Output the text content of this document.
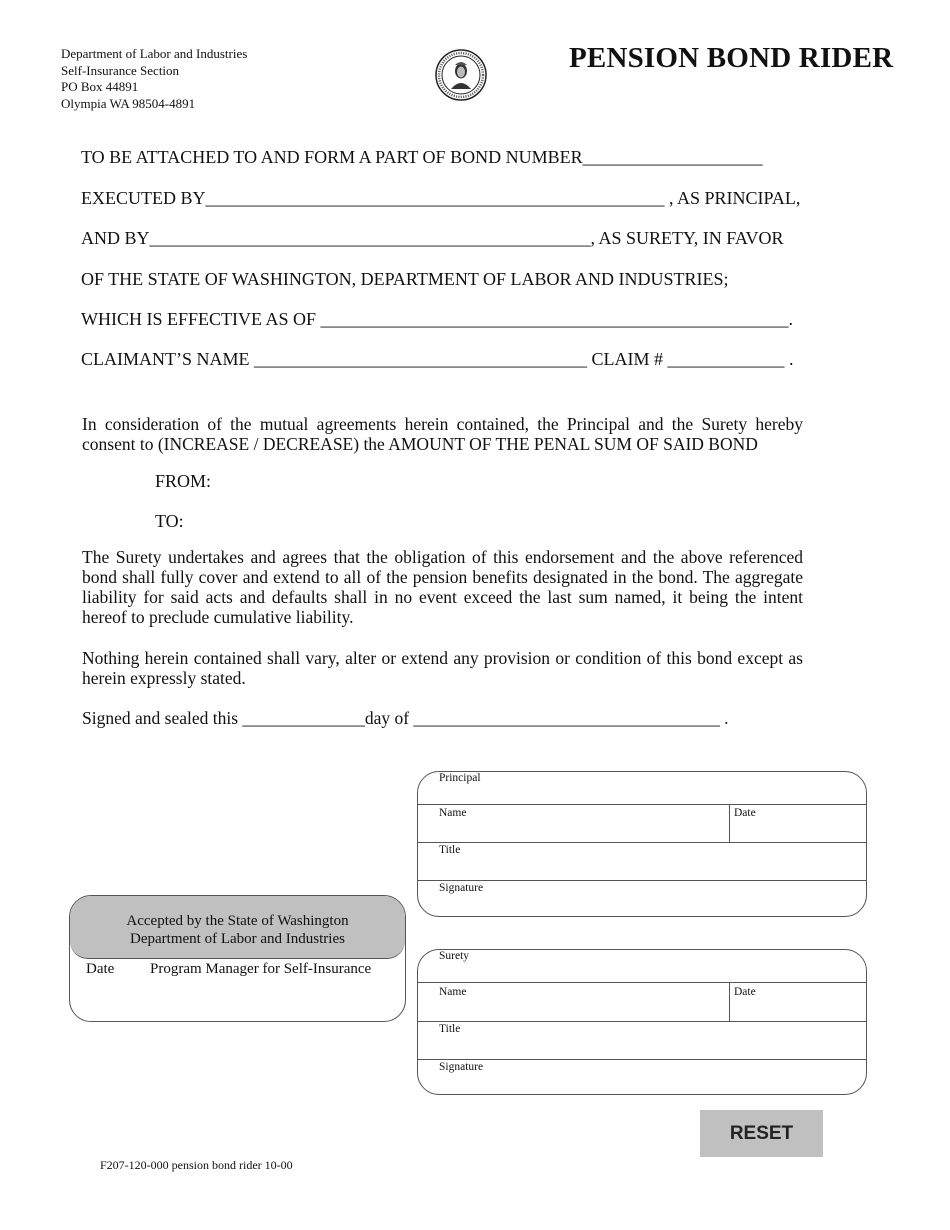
Department of Labor and Industries
Self-Insurance Section
PO Box 44891
Olympia WA 98504-4891
PENSION BOND RIDER
TO BE ATTACHED TO AND FORM A PART OF BOND NUMBER____________________
EXECUTED BY___________________________________________________ , AS PRINCIPAL,
AND BY_________________________________________________, AS SURETY, IN FAVOR
OF THE STATE OF WASHINGTON, DEPARTMENT OF LABOR AND INDUSTRIES;
WHICH IS EFFECTIVE AS OF ____________________________________________________.
CLAIMANT’S NAME _____________________________________ CLAIM # _____________ .
In consideration of the mutual agreements herein contained, the Principal and the Surety hereby consent to (INCREASE / DECREASE) the AMOUNT OF THE PENAL SUM OF SAID BOND
FROM:
TO:
The Surety undertakes and agrees that the obligation of this endorsement and the above referenced bond shall fully cover and extend to all of the pension benefits designated in the bond. The aggregate liability for said acts and defaults shall in no event exceed the last sum named, it being the intent hereof to preclude cumulative liability.
Nothing herein contained shall vary, alter or extend any provision or condition of this bond except as herein expressly stated.
Signed and sealed this ______________day of ___________________________________ .
Principal
Name	Date
Title
Signature
Surety
Name	Date
Title
Signature
Accepted by the State of Washington
Department of Labor and Industries
Date Program Manager for Self-Insurance
RESET
F207-120-000 pension bond rider 10-00
